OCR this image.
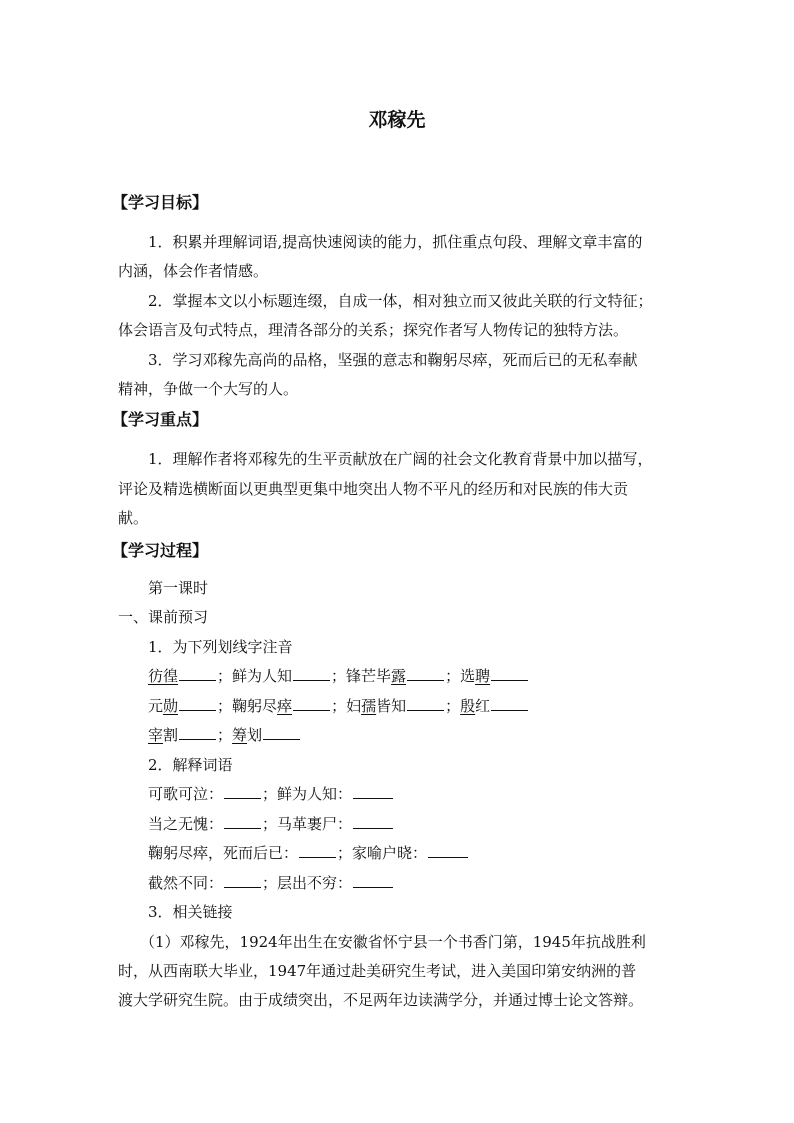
邓稼先
【学习目标】
1．积累并理解词语,提高快速阅读的能力，抓住重点句段、理解文章丰富的
内涵，体会作者情感。
2．掌握本文以小标题连缀，自成一体，相对独立而又彼此关联的行文特征；
体会语言及句式特点，理清各部分的关系；探究作者写人物传记的独特方法。
3．学习邓稼先高尚的品格，坚强的意志和鞠躬尽瘁，死而后已的无私奉献
精神，争做一个大写的人。
【学习重点】
1．理解作者将邓稼先的生平贡献放在广阔的社会文化教育背景中加以描写，
评论及精选横断面以更典型更集中地突出人物不平凡的经历和对民族的伟大贡
献。
【学习过程】
第一课时
一、课前预习
1．为下列划线字注音
彷徨	；鲜为人知	；锋芒毕露	；选聘
元勋	；鞠躬尽瘁	；妇孺皆知	；殷红
宰割	；筹划
2．解释词语
可歌可泣：	；鲜为人知：
当之无愧：	；马革裹尸：
鞠躬尽瘁，死而后已：	；家喻户晓：
截然不同：	；层出不穷：
3．相关链接
（1）邓稼先，1924年出生在安徽省怀宁县一个书香门第，1945年抗战胜利
时，从西南联大毕业，1947年通过赴美研究生考试，进入美国印第安纳洲的普
渡大学研究生院。由于成绩突出，不足两年边读满学分，并通过博士论文答辩。
